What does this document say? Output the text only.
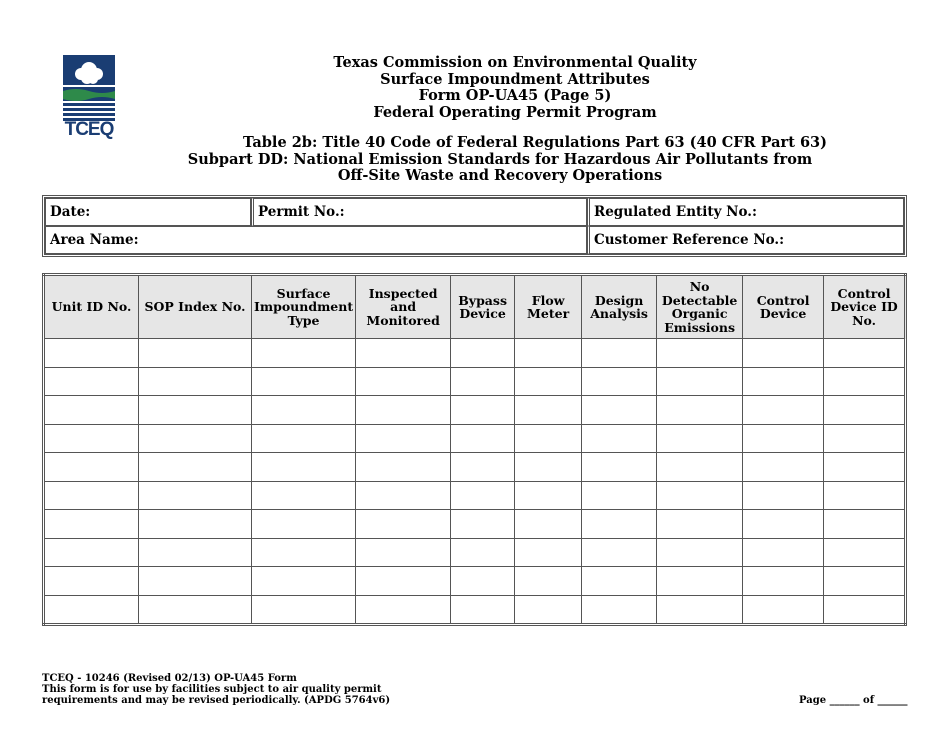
TCEQ
Texas Commission on Environmental Quality
Surface Impoundment Attributes
Form OP-UA45 (Page 5)
Federal Operating Permit Program
Table 2b: Title 40 Code of Federal Regulations Part 63 (40 CFR Part 63)
Subpart DD: National Emission Standards for Hazardous Air Pollutants from
Off-Site Waste and Recovery Operations
Date:	Permit No.:	Regulated Entity No.:
Area Name:		Customer Reference No.:
Unit ID No.	SOP Index No.	Surface Impoundment Type	Inspected and Monitored	Bypass Device	Flow Meter	Design Analysis	No Detectable Organic Emissions	Control Device	Control Device ID No.

TCEQ - 10246 (Revised 02/13) OP-UA45 Form
This form is for use by facilities subject to air quality permit
requirements and may be revised periodically. (APDG 5764v6)	Page ______ of ______
